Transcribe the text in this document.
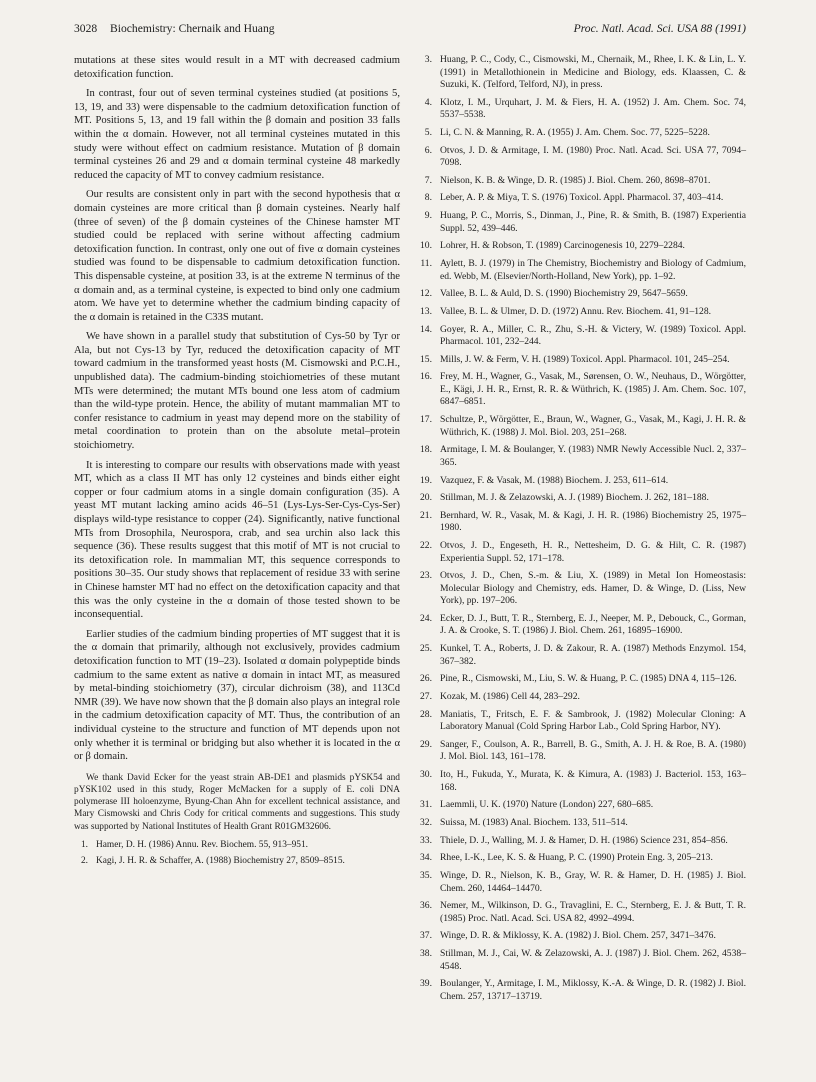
3028 Biochemistry: Chernaik and Huang	Proc. Natl. Acad. Sci. USA 88 (1991)

mutations at these sites would result in a MT with decreased cadmium detoxification function.

In contrast, four out of seven terminal cysteines studied (at positions 5, 13, 19, and 33) were dispensable to the cadmium detoxification function of MT. Positions 5, 13, and 19 fall within the β domain and position 33 falls within the α domain. However, not all terminal cysteines mutated in this study were without effect on cadmium resistance. Mutation of β domain terminal cysteines 26 and 29 and α domain terminal cysteine 48 markedly reduced the capacity of MT to convey cadmium resistance.

Our results are consistent only in part with the second hypothesis that α domain cysteines are more critical than β domain cysteines. Nearly half (three of seven) of the β domain cysteines of the Chinese hamster MT studied could be replaced with serine without affecting cadmium detoxification function. In contrast, only one out of five α domain cysteines studied was found to be dispensable to cadmium detoxification function. This dispensable cysteine, at position 33, is at the extreme N terminus of the α domain and, as a terminal cysteine, is expected to bind only one cadmium atom. We have yet to determine whether the cadmium binding capacity of the α domain is retained in the C33S mutant.

We have shown in a parallel study that substitution of Cys-50 by Tyr or Ala, but not Cys-13 by Tyr, reduced the detoxification capacity of MT toward cadmium in the transformed yeast hosts (M. Cismowski and P.C.H., unpublished data). The cadmium-binding stoichiometries of these mutant MTs were determined; the mutant MTs bound one less atom of cadmium than the wild-type protein. Hence, the ability of mutant mammalian MT to confer resistance to cadmium in yeast may depend more on the stability of metal coordination to protein than on the absolute metal–protein stoichiometry.

It is interesting to compare our results with observations made with yeast MT, which as a class II MT has only 12 cysteines and binds either eight copper or four cadmium atoms in a single domain configuration (35). A yeast MT mutant lacking amino acids 46–51 (Lys-Lys-Ser-Cys-Cys-Ser) displays wild-type resistance to copper (24). Significantly, native functional MTs from Drosophila, Neurospora, crab, and sea urchin also lack this sequence (36). These results suggest that this motif of MT is not crucial to its detoxification role. In mammalian MT, this sequence corresponds to positions 30–35. Our study shows that replacement of residue 33 with serine in Chinese hamster MT had no effect on the detoxification capacity and that this was the only cysteine in the α domain of those tested shown to be inconsequential.

Earlier studies of the cadmium binding properties of MT suggest that it is the α domain that primarily, although not exclusively, provides cadmium detoxification function to MT (19–23). Isolated α domain polypeptide binds cadmium to the same extent as native α domain in intact MT, as measured by metal-binding stoichiometry (37), circular dichroism (38), and 113Cd NMR (39). We have now shown that the β domain also plays an integral role in the cadmium detoxification capacity of MT. Thus, the contribution of an individual cysteine to the structure and function of MT depends upon not only whether it is terminal or bridging but also whether it is located in the α or β domain.

We thank David Ecker for the yeast strain AB-DE1 and plasmids pYSK54 and pYSK102 used in this study, Roger McMacken for a supply of E. coli DNA polymerase III holoenzyme, Byung-Chan Ahn for excellent technical assistance, and Mary Cismowski and Chris Cody for critical comments and suggestions. This study was supported by National Institutes of Health Grant R01GM32606.

1. Hamer, D. H. (1986) Annu. Rev. Biochem. 55, 913–951.
2. Kagi, J. H. R. & Schaffer, A. (1988) Biochemistry 27, 8509–8515.
3. Huang, P. C., Cody, C., Cismowski, M., Chernaik, M., Rhee, I. K. & Lin, L. Y. (1991) in Metallothionein in Medicine and Biology, eds. Klaassen, C. & Suzuki, K. (Telford, Telford, NJ), in press.
4. Klotz, I. M., Urquhart, J. M. & Fiers, H. A. (1952) J. Am. Chem. Soc. 74, 5537–5538.
5. Li, C. N. & Manning, R. A. (1955) J. Am. Chem. Soc. 77, 5225–5228.
6. Otvos, J. D. & Armitage, I. M. (1980) Proc. Natl. Acad. Sci. USA 77, 7094–7098.
7. Nielson, K. B. & Winge, D. R. (1985) J. Biol. Chem. 260, 8698–8701.
8. Leber, A. P. & Miya, T. S. (1976) Toxicol. Appl. Pharmacol. 37, 403–414.
9. Huang, P. C., Morris, S., Dinman, J., Pine, R. & Smith, B. (1987) Experientia Suppl. 52, 439–446.
10. Lohrer, H. & Robson, T. (1989) Carcinogenesis 10, 2279–2284.
11. Aylett, B. J. (1979) in The Chemistry, Biochemistry and Biology of Cadmium, ed. Webb, M. (Elsevier/North-Holland, New York), pp. 1–92.
12. Vallee, B. L. & Auld, D. S. (1990) Biochemistry 29, 5647–5659.
13. Vallee, B. L. & Ulmer, D. D. (1972) Annu. Rev. Biochem. 41, 91–128.
14. Goyer, R. A., Miller, C. R., Zhu, S.-H. & Victery, W. (1989) Toxicol. Appl. Pharmacol. 101, 232–244.
15. Mills, J. W. & Ferm, V. H. (1989) Toxicol. Appl. Pharmacol. 101, 245–254.
16. Frey, M. H., Wagner, G., Vasak, M., Sørensen, O. W., Neuhaus, D., Wörgötter, E., Kägi, J. H. R., Ernst, R. R. & Wüthrich, K. (1985) J. Am. Chem. Soc. 107, 6847–6851.
17. Schultze, P., Wörgötter, E., Braun, W., Wagner, G., Vasak, M., Kagi, J. H. R. & Wüthrich, K. (1988) J. Mol. Biol. 203, 251–268.
18. Armitage, I. M. & Boulanger, Y. (1983) NMR Newly Accessible Nucl. 2, 337–365.
19. Vazquez, F. & Vasak, M. (1988) Biochem. J. 253, 611–614.
20. Stillman, M. J. & Zelazowski, A. J. (1989) Biochem. J. 262, 181–188.
21. Bernhard, W. R., Vasak, M. & Kagi, J. H. R. (1986) Biochemistry 25, 1975–1980.
22. Otvos, J. D., Engeseth, H. R., Nettesheim, D. G. & Hilt, C. R. (1987) Experientia Suppl. 52, 171–178.
23. Otvos, J. D., Chen, S.-m. & Liu, X. (1989) in Metal Ion Homeostasis: Molecular Biology and Chemistry, eds. Hamer, D. & Winge, D. (Liss, New York), pp. 197–206.
24. Ecker, D. J., Butt, T. R., Sternberg, E. J., Neeper, M. P., Debouck, C., Gorman, J. A. & Crooke, S. T. (1986) J. Biol. Chem. 261, 16895–16900.
25. Kunkel, T. A., Roberts, J. D. & Zakour, R. A. (1987) Methods Enzymol. 154, 367–382.
26. Pine, R., Cismowski, M., Liu, S. W. & Huang, P. C. (1985) DNA 4, 115–126.
27. Kozak, M. (1986) Cell 44, 283–292.
28. Maniatis, T., Fritsch, E. F. & Sambrook, J. (1982) Molecular Cloning: A Laboratory Manual (Cold Spring Harbor Lab., Cold Spring Harbor, NY).
29. Sanger, F., Coulson, A. R., Barrell, B. G., Smith, A. J. H. & Roe, B. A. (1980) J. Mol. Biol. 143, 161–178.
30. Ito, H., Fukuda, Y., Murata, K. & Kimura, A. (1983) J. Bacteriol. 153, 163–168.
31. Laemmli, U. K. (1970) Nature (London) 227, 680–685.
32. Suissa, M. (1983) Anal. Biochem. 133, 511–514.
33. Thiele, D. J., Walling, M. J. & Hamer, D. H. (1986) Science 231, 854–856.
34. Rhee, I.-K., Lee, K. S. & Huang, P. C. (1990) Protein Eng. 3, 205–213.
35. Winge, D. R., Nielson, K. B., Gray, W. R. & Hamer, D. H. (1985) J. Biol. Chem. 260, 14464–14470.
36. Nemer, M., Wilkinson, D. G., Travaglini, E. C., Sternberg, E. J. & Butt, T. R. (1985) Proc. Natl. Acad. Sci. USA 82, 4992–4994.
37. Winge, D. R. & Miklossy, K. A. (1982) J. Biol. Chem. 257, 3471–3476.
38. Stillman, M. J., Cai, W. & Zelazowski, A. J. (1987) J. Biol. Chem. 262, 4538–4548.
39. Boulanger, Y., Armitage, I. M., Miklossy, K.-A. & Winge, D. R. (1982) J. Biol. Chem. 257, 13717–13719.
